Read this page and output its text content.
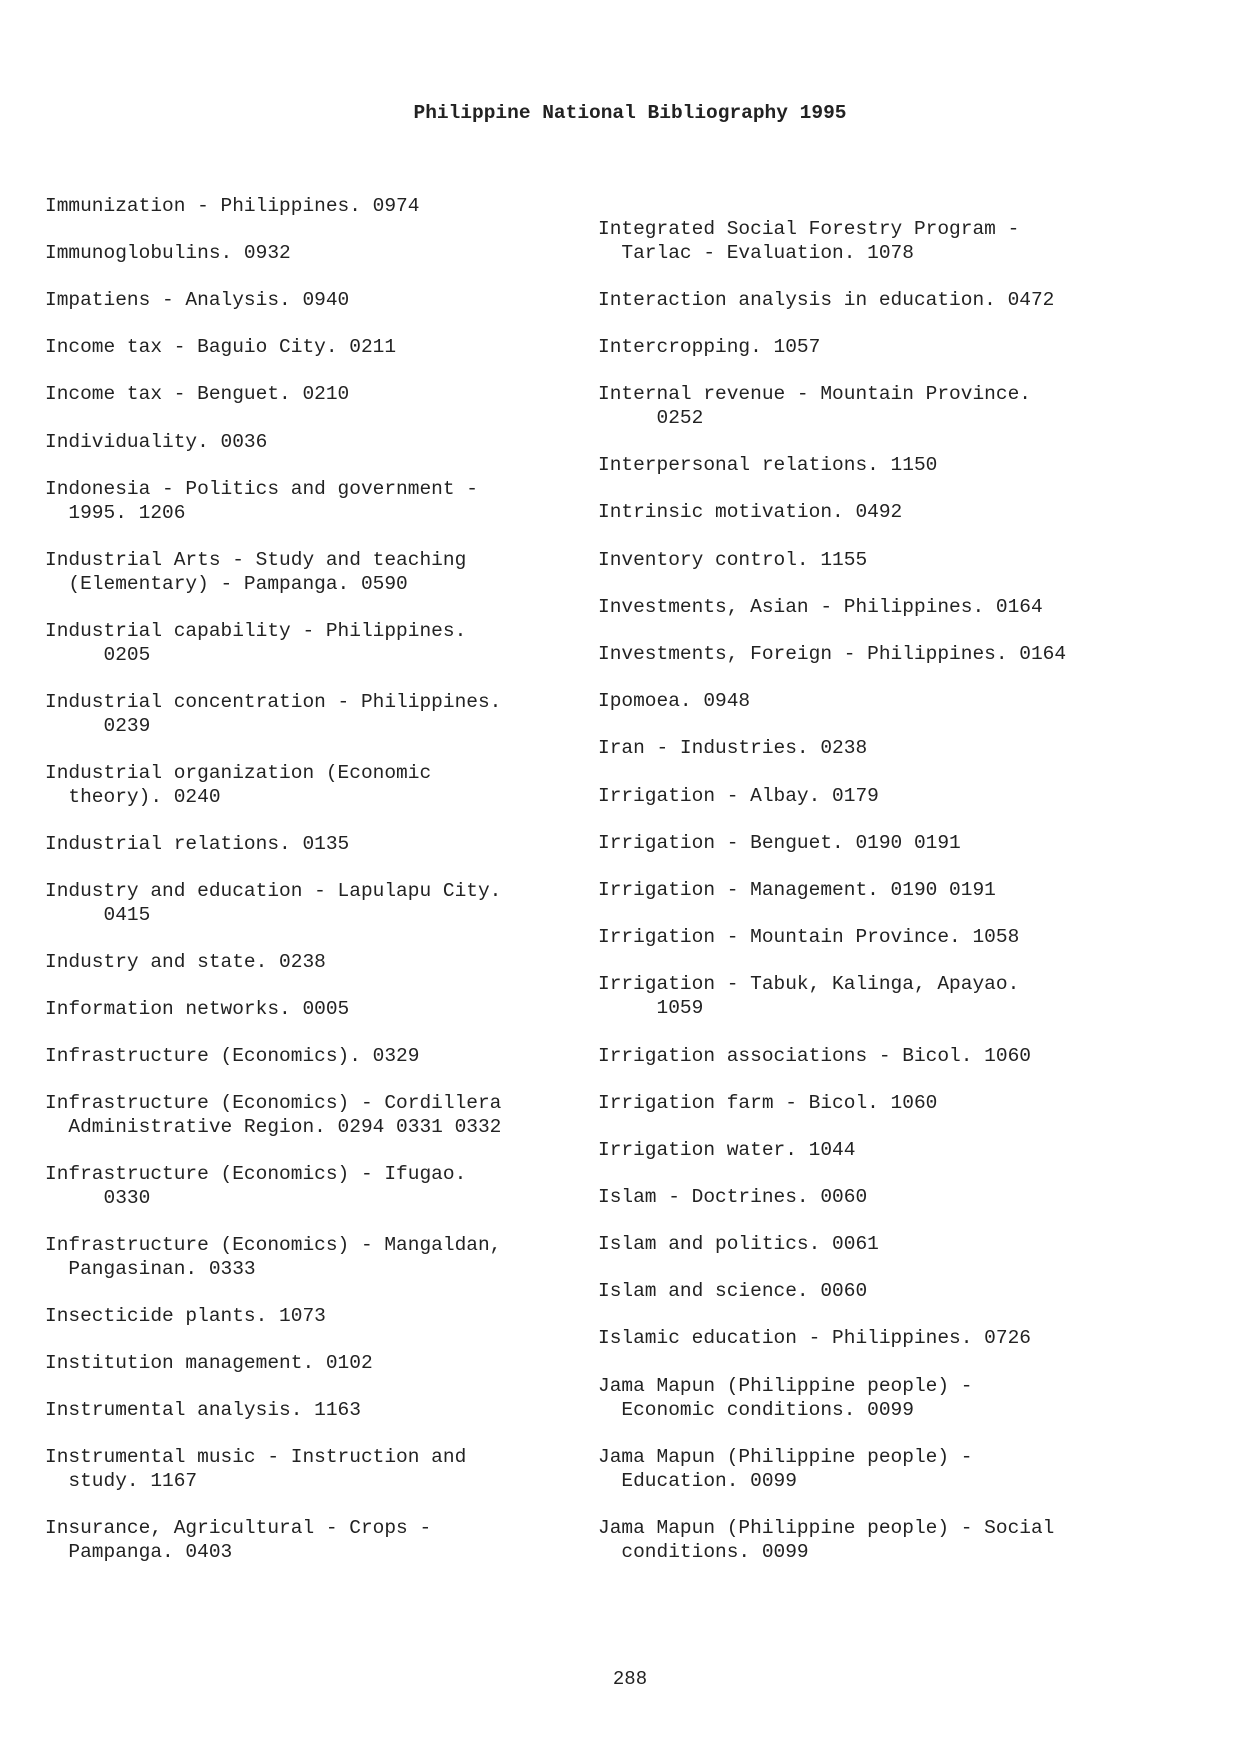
Philippine National Bibliography 1995
Immunization - Philippines. 0974
Immunoglobulins. 0932
Impatiens - Analysis. 0940
Income tax - Baguio City. 0211
Income tax - Benguet. 0210
Individuality. 0036
Indonesia - Politics and government -
1995. 1206
Industrial Arts - Study and teaching
(Elementary) - Pampanga. 0590
Industrial capability - Philippines.
0205
Industrial concentration - Philippines.
0239
Industrial organization (Economic
theory). 0240
Industrial relations. 0135
Industry and education - Lapulapu City.
0415
Industry and state. 0238
Information networks. 0005
Infrastructure (Economics). 0329
Infrastructure (Economics) - Cordillera
Administrative Region. 0294 0331 0332
Infrastructure (Economics) - Ifugao.
0330
Infrastructure (Economics) - Mangaldan,
Pangasinan. 0333
Insecticide plants. 1073
Institution management. 0102
Instrumental analysis. 1163
Instrumental music - Instruction and
study. 1167
Insurance, Agricultural - Crops -
Pampanga. 0403
Integrated Social Forestry Program -
Tarlac - Evaluation. 1078
Interaction analysis in education. 0472
Intercropping. 1057
Internal revenue - Mountain Province.
0252
Interpersonal relations. 1150
Intrinsic motivation. 0492
Inventory control. 1155
Investments, Asian - Philippines. 0164
Investments, Foreign - Philippines. 0164
Ipomoea. 0948
Iran - Industries. 0238
Irrigation - Albay. 0179
Irrigation - Benguet. 0190 0191
Irrigation - Management. 0190 0191
Irrigation - Mountain Province. 1058
Irrigation - Tabuk, Kalinga, Apayao.
1059
Irrigation associations - Bicol. 1060
Irrigation farm - Bicol. 1060
Irrigation water. 1044
Islam - Doctrines. 0060
Islam and politics. 0061
Islam and science. 0060
Islamic education - Philippines. 0726
Jama Mapun (Philippine people) -
Economic conditions. 0099
Jama Mapun (Philippine people) -
Education. 0099
Jama Mapun (Philippine people) - Social
conditions. 0099
288
